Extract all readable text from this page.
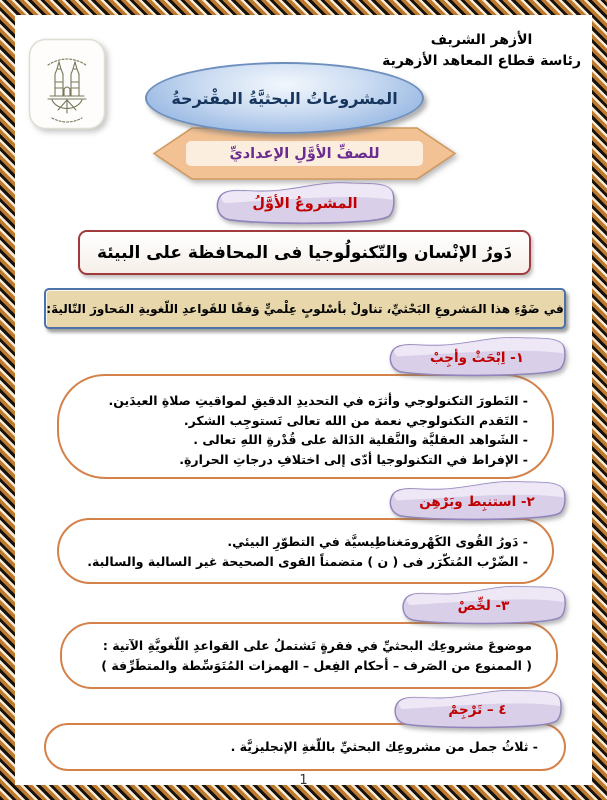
الأزهر الشريف
رئاسة قطاع المعاهد الأزهرية
المشروعاتُ البحثيَّةُ المقْترحةُ
للصفِّ الأوَّلِ الإعداديِّ
المشروعُ الأوَّلُ
دَورُ الإنْسان والتّكنولُوجيا فى المحافظة على البيئة
في ضَوْءِ هذا المَشروعِ البَحْثيِّ، تناولْ بأسْلوبٍ عِلْميٍّ وَفقًا للقَواعدِ اللّغويةِ المَحاورَ التّاليةَ:
- التَطورَ التكنولوجي وأثرَه في التحديدِ الدقيقِ لمواقيتِ صلاةِ العيدَين.
- التَقدم التكنولوجي نعمة من الله تعالى تَستوجِب الشكر.
- الشَواهد العقليَّة والنَّقلية الدَالة على قُدْرةِ اللهِ تعالى .
- الإفراط في التكنولوجيا أدّى إلى اختلافِ درجاتِ الحرارةِ.
١- اِبْحَثْ وأجِبْ
- دَورُ القُوى الكَهْرومَغناطِيسيَّة في التطوّرِ البيئي.
- الضّرْب المُتكّرَر فى ( ن ) متضمناً القوى الصحيحة غير السالبة والسالبة.
٢- استنبِط وبَرْهِن
موضوعَ مشروعِك البحثيِّ في فقرةٍ تَشتملُ على القواعدِ اللّغويَّةِ الآتية :
( الممنوع من الصَرف – أحكام الفِعل – الهمزات المُتَوَسِّطة والمتطَرِّفة )
٣- لخِّصْ
- ثلاثُ جمل من مشروعِك البحثيِّ باللّغةِ الإنجليزيَّة .
٤ – تَرْجِمْ
1
